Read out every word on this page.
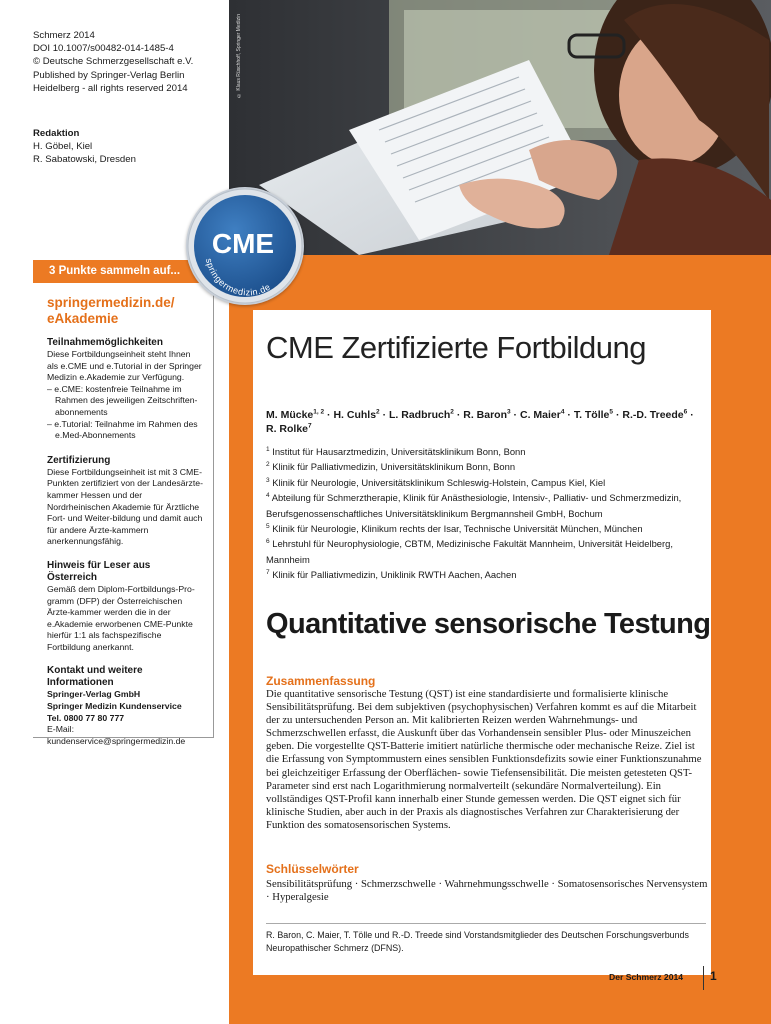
Schmerz 2014
DOI 10.1007/s00482-014-1485-4
© Deutsche Schmerzgesellschaft e.V.
Published by Springer-Verlag Berlin
Heidelberg - all rights reserved 2014
Redaktion
H. Göbel, Kiel
R. Sabatowski, Dresden
© Klaus Rüschhoff, Springer Medizin
3 Punkte sammeln auf...
springermedizin.de/
eAkademie
Teilnahmemöglichkeiten
Diese Fortbildungseinheit steht Ihnen als e.CME und e.Tutorial in der Springer Medizin e.Akademie zur Verfügung.
– e.CME: kostenfreie Teilnahme im Rahmen des jeweiligen Zeitschriften-abonnements
– e.Tutorial: Teilnahme im Rahmen des e.Med-Abonnements
Zertifizierung
Diese Fortbildungseinheit ist mit 3 CME-Punkten zertifiziert von der Landesärzte-kammer Hessen und der Nordrheinischen Akademie für Ärztliche Fort- und Weiter-bildung und damit auch für andere Ärzte-kammern anerkennungsfähig.
Hinweis für Leser aus Österreich
Gemäß dem Diplom-Fortbildungs-Pro-gramm (DFP) der Österreichischen Ärzte-kammer werden die in der e.Akademie erworbenen CME-Punkte hierfür 1:1 als fachspezifische Fortbildung anerkannt.
Kontakt und weitere Informationen
Springer-Verlag GmbH
Springer Medizin Kundenservice
Tel. 0800 77 80 777
E-Mail: kundenservice@springermedizin.de
CME
springermedizin.de
CME Zertifizierte Fortbildung
M. Mücke$^{1, 2}$ · H. Cuhls$^2$ · L. Radbruch$^2$ · R. Baron$^3$ · C. Maier$^4$ · T. Tölle$^5$ · R.-D. Treede$^6$ · R. Rolke$^7$
$^1$ Institut für Hausarztmedizin, Universitätsklinikum Bonn, Bonn
$^2$ Klinik für Palliativmedizin, Universitätsklinikum Bonn, Bonn
$^3$ Klinik für Neurologie, Universitätsklinikum Schleswig-Holstein, Campus Kiel, Kiel
$^4$ Abteilung für Schmerztherapie, Klinik für Anästhesiologie, Intensiv-, Palliativ- und Schmerzmedizin, Berufsgenossenschaftliches Universitätsklinikum Bergmannsheil GmbH, Bochum
$^5$ Klinik für Neurologie, Klinikum rechts der Isar, Technische Universität München, München
$^6$ Lehrstuhl für Neurophysiologie, CBTM, Medizinische Fakultät Mannheim, Universität Heidelberg, Mannheim
$^7$ Klinik für Palliativmedizin, Uniklinik RWTH Aachen, Aachen
Quantitative sensorische Testung
Zusammenfassung
Die quantitative sensorische Testung (QST) ist eine standardisierte und formalisierte klinische Sensibilitätsprüfung. Bei dem subjektiven (psychophysischen) Verfahren kommt es auf die Mitarbeit der zu untersuchenden Person an. Mit kalibrierten Reizen werden Wahrnehmungs- und Schmerzschwellen erfasst, die Auskunft über das Vorhandensein sensibler Plus- oder Minuszeichen geben. Die vorgestellte QST-Batterie imitiert natürliche thermische oder mechanische Reize. Ziel ist die Erfassung von Symptommustern eines sensiblen Funktionsdefizits sowie einer Funktionszunahme bei gleichzeitiger Erfassung der Oberflächen- sowie Tiefensensibilität. Die meisten getesteten QST-Parameter sind erst nach Logarithmierung normalverteilt (sekundäre Normalverteilung). Ein vollständiges QST-Profil kann innerhalb einer Stunde gemessen werden. Die QST eignet sich für klinische Studien, aber auch in der Praxis als diagnostisches Verfahren zur Charakterisierung der Funktion des somatosensorischen Systems.
Schlüsselwörter
Sensibilitätsprüfung · Schmerzschwelle · Wahrnehmungsschwelle · Somatosensorisches Nervensystem · Hyperalgesie
R. Baron, C. Maier, T. Tölle und R.-D. Treede sind Vorstandsmitglieder des Deutschen Forschungsverbunds Neuropathischer Schmerz (DFNS).
Der Schmerz 2014 1
